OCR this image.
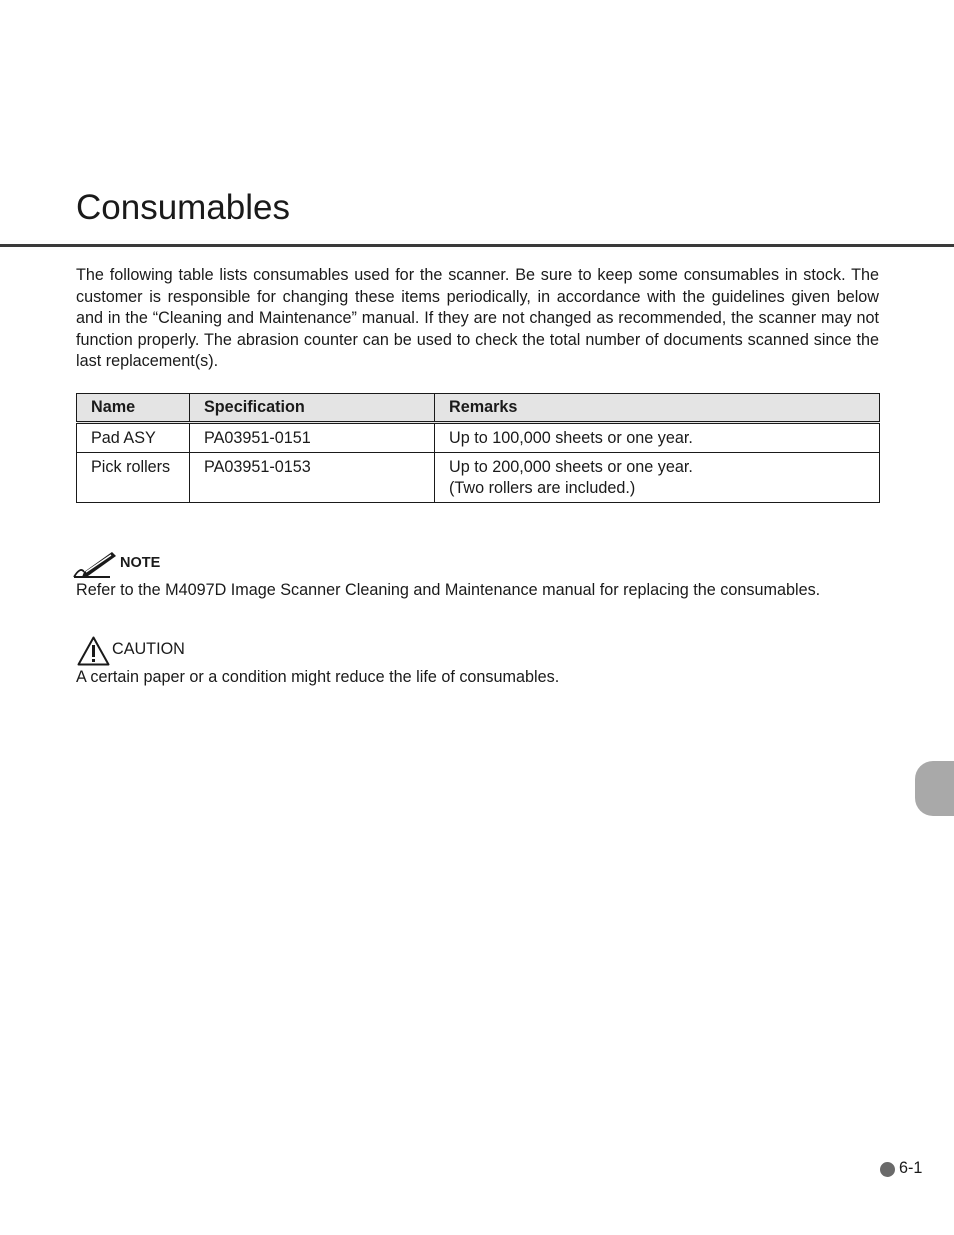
Consumables

The following table lists consumables used for the scanner. Be sure to keep some consumables in stock. The customer is responsible for changing these items periodically, in accordance with the guidelines given below and in the “Cleaning and Maintenance” manual. If they are not changed as recommended, the scanner may not function properly. The abrasion counter can be used to check the total number of documents scanned since the last replacement(s).

Name	Specification	Remarks
Pad ASY	PA03951-0151	Up to 100,000 sheets or one year.

Pick rollers	PA03951-0153	Up to 200,000 sheets or one year.
(Two rollers are included.)
NOTE

Refer to the M4097D Image Scanner Cleaning and Maintenance manual for replacing the consumables.

CAUTION

A certain paper or a condition might reduce the life of consumables.

6-1
